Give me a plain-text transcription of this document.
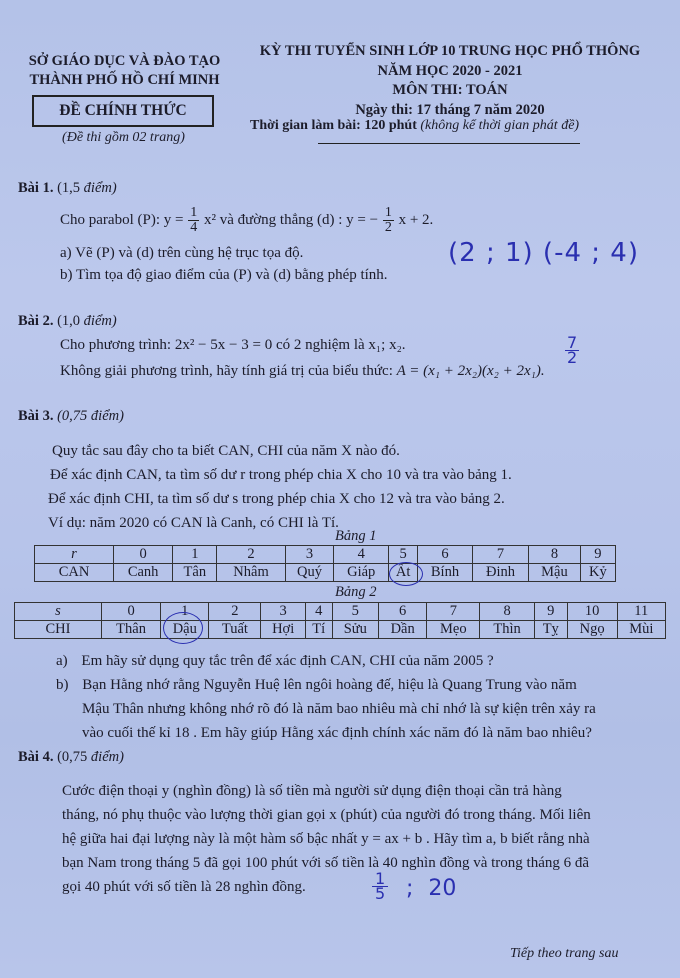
SỞ GIÁO DỤC VÀ ĐÀO TẠO
THÀNH PHỐ HỒ CHÍ MINH
ĐỀ CHÍNH THỨC
(Đề thi gồm 02 trang)
KỲ THI TUYỂN SINH LỚP 10 TRUNG HỌC PHỔ THÔNG
NĂM HỌC 2020 - 2021
MÔN THI: TOÁN
Ngày thi: 17 tháng 7 năm 2020
Thời gian làm bài: 120 phút (không kể thời gian phát đề)
Bài 1. (1,5 điểm)
Cho parabol (P): $y = \frac{1}{4} x^2$ và đường thẳng (d) : y = − $\frac{1}{2}$ x + 2.
a) Vẽ (P) và (d) trên cùng hệ trục tọa độ.
b) Tìm tọa độ giao điểm của (P) và (d) bằng phép tính.
(2 ; 1) (-4 ; 4)
Bài 2. (1,0 điểm)
Cho phương trình: 2x² − 5x − 3 = 0 có 2 nghiệm là x₁; x₂.
Không giải phương trình, hãy tính giá trị của biểu thức: A = (x₁ + 2x₂)(x₂ + 2x₁).
$\frac{7}{2}$
Bài 3. (0,75 điểm)
Quy tắc sau đây cho ta biết CAN, CHI của năm X nào đó.
Để xác định CAN, ta tìm số dư r trong phép chia X cho 10 và tra vào bảng 1.
Để xác định CHI, ta tìm số dư s trong phép chia X cho 12 và tra vào bảng 2.
Ví dụ: năm 2020 có CAN là Canh, có CHI là Tí.
Bảng 1
r	0	1	2	3	4	5	6	7	8	9
CAN	Canh	Tân	Nhâm	Quý	Giáp	Ất	Bính	Đinh	Mậu	Kỷ
Bảng 2
s	0	1	2	3	4	5	6	7	8	9	10	11
CHI	Thân	Dậu	Tuất	Hợi	Tí	Sửu	Dần	Mẹo	Thìn	Tỵ	Ngọ	Mùi
a) Em hãy sử dụng quy tắc trên để xác định CAN, CHI của năm 2005 ?
b) Bạn Hằng nhớ rằng Nguyễn Huệ lên ngôi hoàng đế, hiệu là Quang Trung vào năm
Mậu Thân nhưng không nhớ rõ đó là năm bao nhiêu mà chỉ nhớ là sự kiện trên xảy ra
vào cuối thế kỉ 18 . Em hãy giúp Hằng xác định chính xác năm đó là năm bao nhiêu?
Bài 4. (0,75 điểm)
Cước điện thoại y (nghìn đồng) là số tiền mà người sử dụng điện thoại cần trả hàng
tháng, nó phụ thuộc vào lượng thời gian gọi x (phút) của người đó trong tháng. Mối liên
hệ giữa hai đại lượng này là một hàm số bậc nhất y = ax + b . Hãy tìm a, b biết rằng nhà
bạn Nam trong tháng 5 đã gọi 100 phút với số tiền là 40 nghìn đồng và trong tháng 6 đã
gọi 40 phút với số tiền là 28 nghìn đồng.	$\frac{1}{5}$ ; 20
Tiếp theo trang sau
